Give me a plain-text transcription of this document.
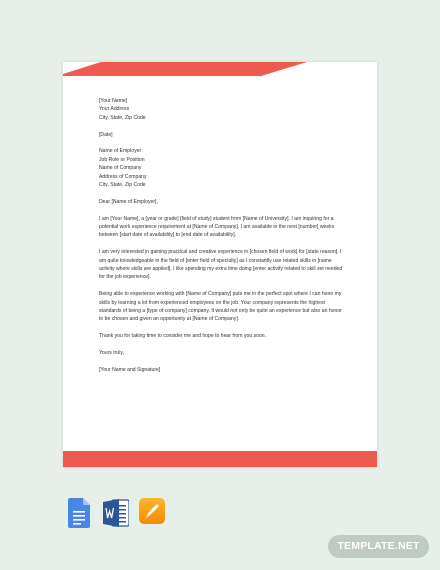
[Your Name]
Your Address
City, State, Zip Code

[Date]

Name of Employer
Job Role or Position
Name of Company
Address of Company
City, State, Zip Code

Dear [Name of Employer],

I am [Your Name], a [year or grade] [field of study] student from [Name of University]. I am inquiring for a potential work experience requirement at [Name of Company]. I am available in the next [number] weeks between [start date of availability] to [end date of availability].

I am very interested in gaining practical and creative experience in [chosen field of work] for [state reason]. I am quite knowledgeable in the field of [enter field of specialty] as I constantly use related skills in [name activity where skills are applied]. I like spending my extra time doing [enter activity related to skill set needed for the job experience].

Being able to experience working with [Name of Company] puts me in the perfect spot where I can hone my skills by learning a lot from experienced employees on the job. Your company represents the highest standards of being a [type of company] company. It would not only be quite an experience but also an honor to be chosen and given an opportunity at [Name of Company].

Thank you for taking time to consider me and hope to hear from you soon.

Yours truly,

[Your Name and Signature]

TEMPLATE.NET
